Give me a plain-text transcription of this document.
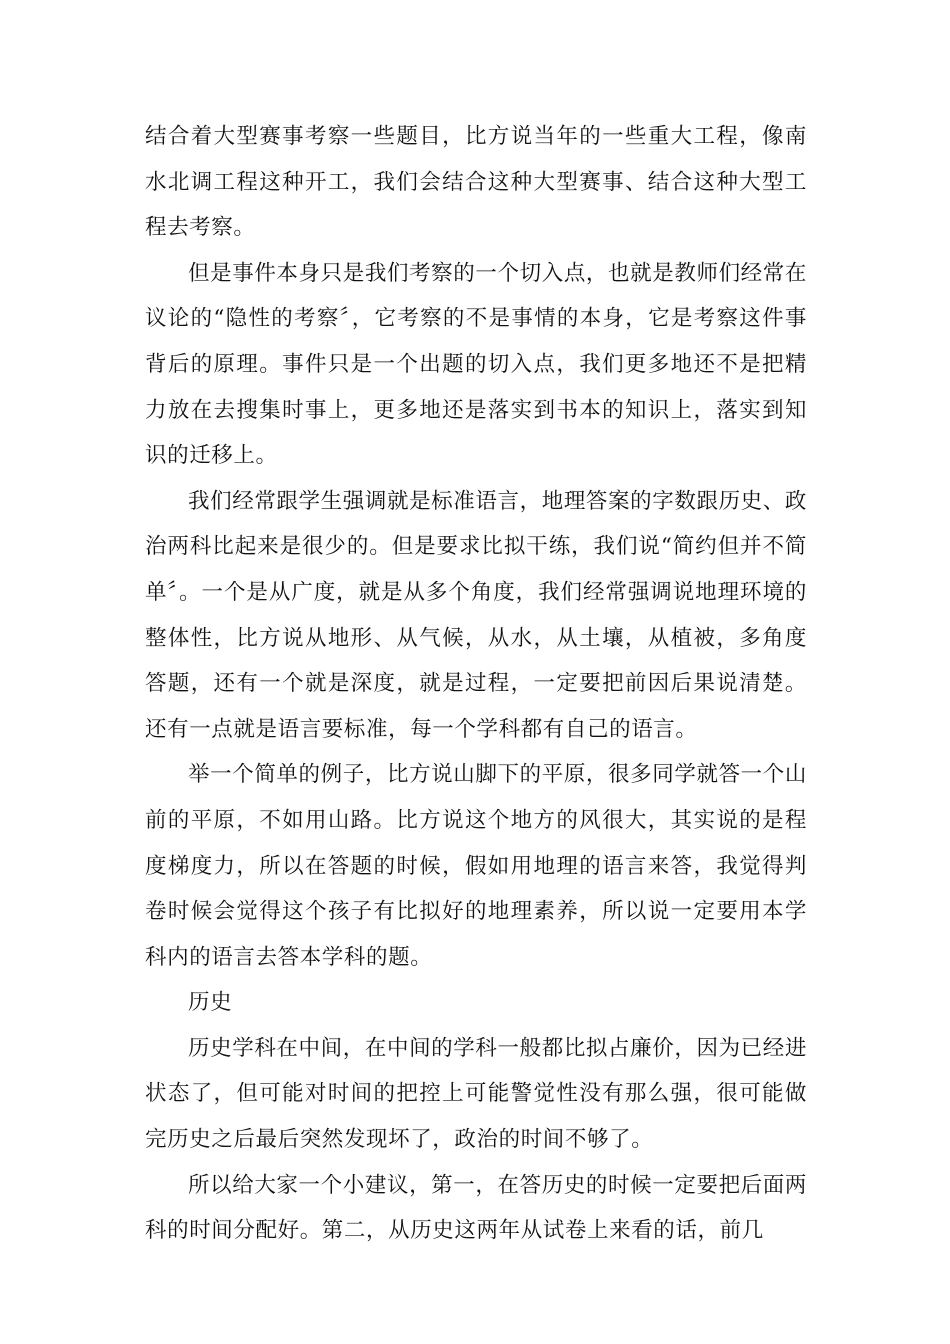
结合着大型赛事考察一些题目，比方说当年的一些重大工程，像南水北调工程这种开工，我们会结合这种大型赛事、结合这种大型工程去考察。

但是事件本身只是我们考察的一个切入点，也就是教师们经常在议论的“隐性的考察〞，它考察的不是事情的本身，它是考察这件事背后的原理。事件只是一个出题的切入点，我们更多地还不是把精力放在去搜集时事上，更多地还是落实到书本的知识上，落实到知识的迁移上。

我们经常跟学生强调就是标准语言，地理答案的字数跟历史、政治两科比起来是很少的。但是要求比拟干练，我们说“简约但并不简单〞。一个是从广度，就是从多个角度，我们经常强调说地理环境的整体性，比方说从地形、从气候，从水，从土壤，从植被，多角度答题，还有一个就是深度，就是过程，一定要把前因后果说清楚。还有一点就是语言要标准，每一个学科都有自己的语言。

举一个简单的例子，比方说山脚下的平原，很多同学就答一个山前的平原，不如用山路。比方说这个地方的风很大，其实说的是程度梯度力，所以在答题的时候，假如用地理的语言来答，我觉得判卷时候会觉得这个孩子有比拟好的地理素养，所以说一定要用本学科内的语言去答本学科的题。

历史

历史学科在中间，在中间的学科一般都比拟占廉价，因为已经进状态了，但可能对时间的把控上可能警觉性没有那么强，很可能做完历史之后最后突然发现坏了，政治的时间不够了。

所以给大家一个小建议，第一，在答历史的时候一定要把后面两科的时间分配好。第二，从历史这两年从试卷上来看的话，前几
